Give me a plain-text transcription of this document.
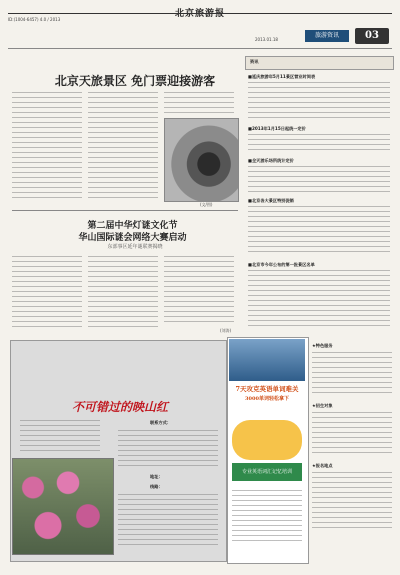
北京旅游报
ID:(1004-6457) 4.0 / 2013
2013.01.18
旅游资讯	03
北京天旅景区 免门票迎接游客
(文/图)
第二届中华灯谜文化节
华山国际谜会网络大赛启动
东部事区延年谜联赛揭晓
(刘涛)
资讯
■延庆旅游年5月11景区营业时间表
■2013年1月15日起统一定价
■全天游乐场所统计定价
■北京各大景区特别促销
■北京市今年公布的第一批景区名单
不可错过的映山红
联系方式：
地址：
线路：
7天攻克英语单词难关
3000单词轻松拿下
专业英语词汇记忆培训
★特色服务
★招生对象
★报名地点
